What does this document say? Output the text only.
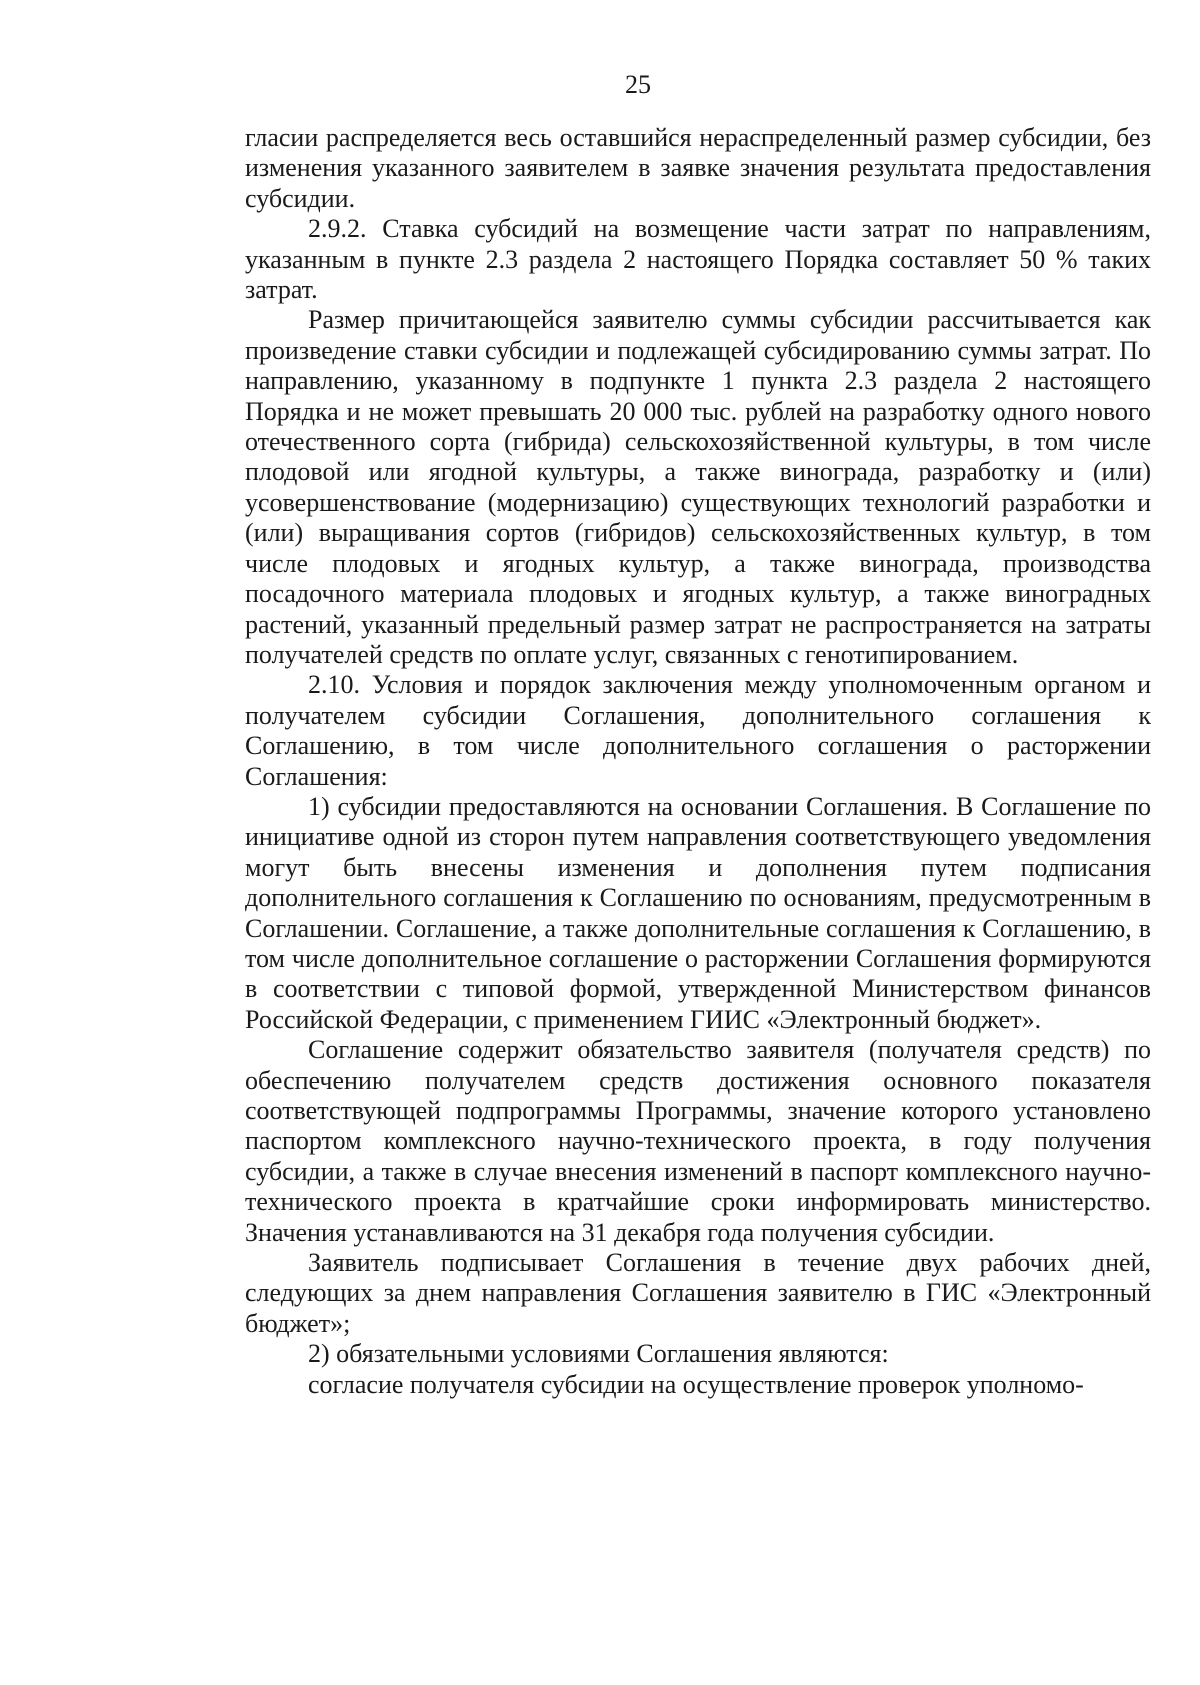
25

гласии распределяется весь оставшийся нераспределенный размер субсидии, без изменения указанного заявителем в заявке значения результата предоставления субсидии.

2.9.2. Ставка субсидий на возмещение части затрат по направлениям, указанным в пункте 2.3 раздела 2 настоящего Порядка составляет 50 % таких затрат.

Размер причитающейся заявителю суммы субсидии рассчитывается как произведение ставки субсидии и подлежащей субсидированию суммы затрат. По направлению, указанному в подпункте 1 пункта 2.3 раздела 2 настоящего Порядка и не может превышать 20 000 тыс. рублей на разработку одного нового отечественного сорта (гибрида) сельскохозяйственной культуры, в том числе плодовой или ягодной культуры, а также винограда, разработку и (или) усовершенствование (модернизацию) существующих технологий разработки и (или) выращивания сортов (гибридов) сельскохозяйственных культур, в том числе плодовых и ягодных культур, а также винограда, производства посадочного материала плодовых и ягодных культур, а также виноградных растений, указанный предельный размер затрат не распространяется на затраты получателей средств по оплате услуг, связанных с генотипированием.

2.10. Условия и порядок заключения между уполномоченным органом и получателем субсидии Соглашения, дополнительного соглашения к Соглашению, в том числе дополнительного соглашения о расторжении Соглашения:

1) субсидии предоставляются на основании Соглашения. В Соглашение по инициативе одной из сторон путем направления соответствующего уведомления могут быть внесены изменения и дополнения путем подписания дополнительного соглашения к Соглашению по основаниям, предусмотренным в Соглашении. Соглашение, а также дополнительные соглашения к Соглашению, в том числе дополнительное соглашение о расторжении Соглашения формируются в соответствии с типовой формой, утвержденной Министерством финансов Российской Федерации, с применением ГИИС «Электронный бюджет».

Соглашение содержит обязательство заявителя (получателя средств) по обеспечению получателем средств достижения основного показателя соответствующей подпрограммы Программы, значение которого установлено паспортом комплексного научно-технического проекта, в году получения субсидии, а также в случае внесения изменений в паспорт комплексного научно-технического проекта в кратчайшие сроки информировать министерство. Значения устанавливаются на 31 декабря года получения субсидии.

Заявитель подписывает Соглашения в течение двух рабочих дней, следующих за днем направления Соглашения заявителю в ГИС «Электронный бюджет»;

2) обязательными условиями Соглашения являются:

согласие получателя субсидии на осуществление проверок уполномо-
